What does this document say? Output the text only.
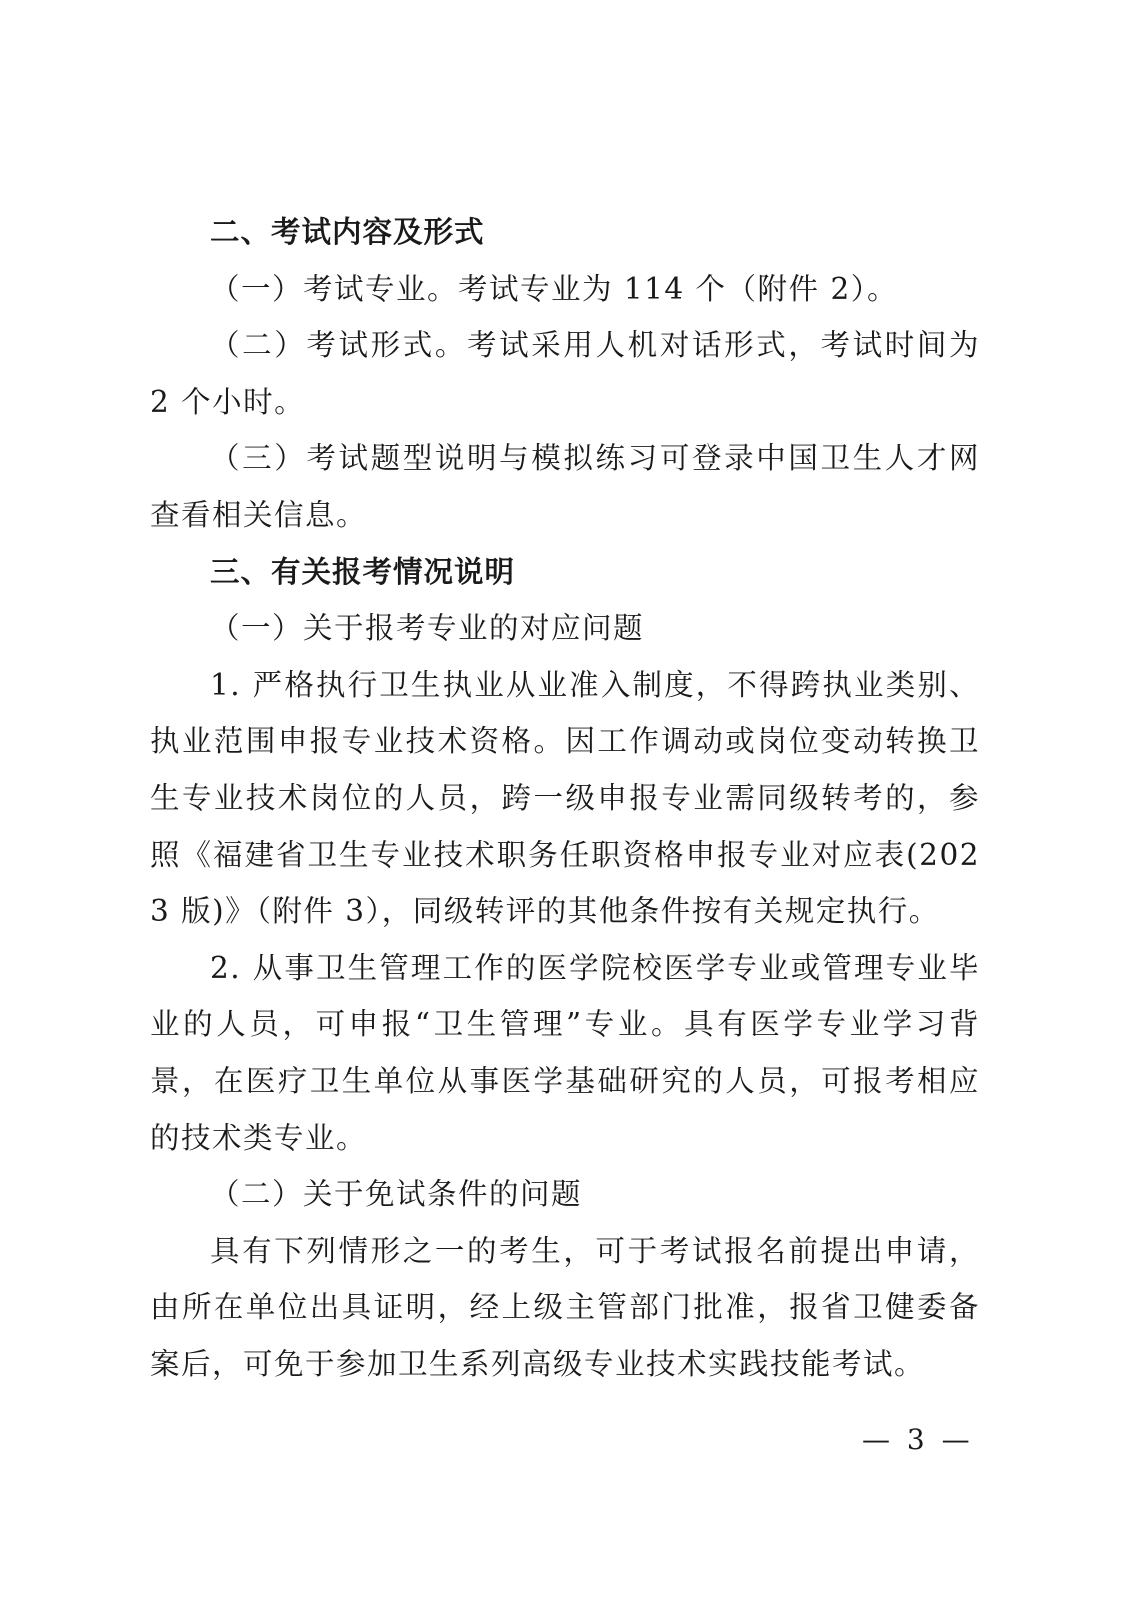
二、考试内容及形式

（一）考试专业。考试专业为 114 个（附件 2）。

（二）考试形式。考试采用人机对话形式，考试时间为 2 个小时。

（三）考试题型说明与模拟练习可登录中国卫生人才网查看相关信息。

三、有关报考情况说明

（一）关于报考专业的对应问题

1. 严格执行卫生执业从业准入制度，不得跨执业类别、执业范围申报专业技术资格。因工作调动或岗位变动转换卫生专业技术岗位的人员，跨一级申报专业需同级转考的，参照《福建省卫生专业技术职务任职资格申报专业对应表(2023 版)》（附件 3），同级转评的其他条件按有关规定执行。

2. 从事卫生管理工作的医学院校医学专业或管理专业毕业的人员，可申报“卫生管理”专业。具有医学专业学习背景，在医疗卫生单位从事医学基础研究的人员，可报考相应的技术类专业。

（二）关于免试条件的问题

具有下列情形之一的考生，可于考试报名前提出申请，由所在单位出具证明，经上级主管部门批准，报省卫健委备案后，可免于参加卫生系列高级专业技术实践技能考试。

— 3 —
